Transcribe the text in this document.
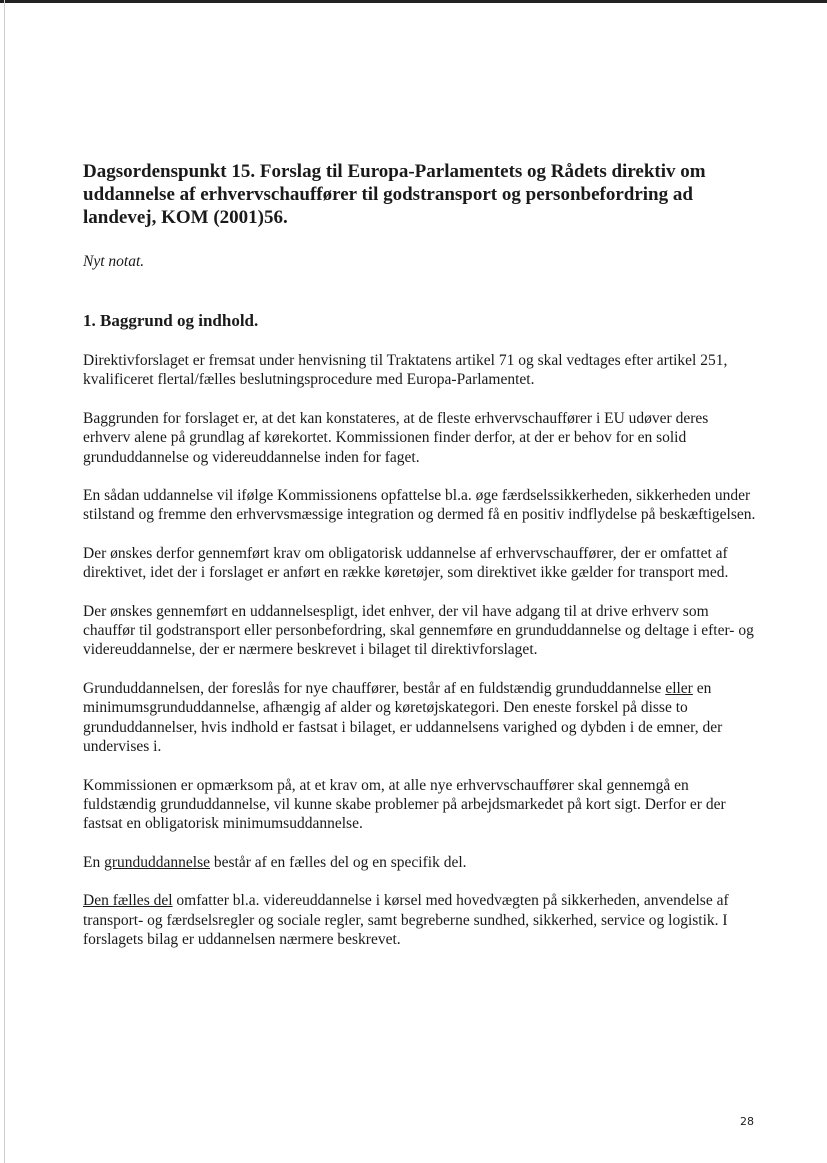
Dagsordenspunkt 15. Forslag til Europa-Parlamentets og Rådets direktiv om uddannelse af erhvervschauffører til godstransport og personbefordring ad landevej, KOM (2001)56.
Nyt notat.
1. Baggrund og indhold.

Direktivforslaget er fremsat under henvisning til Traktatens artikel 71 og skal vedtages efter artikel 251, kvalificeret flertal/fælles beslutningsprocedure med Europa-Parlamentet.

Baggrunden for forslaget er, at det kan konstateres, at de fleste erhvervschauffører i EU udøver deres erhverv alene på grundlag af kørekortet. Kommissionen finder derfor, at der er behov for en solid grunduddannelse og videreuddannelse inden for faget.

En sådan uddannelse vil ifølge Kommissionens opfattelse bl.a. øge færdselssikkerheden, sikkerheden under stilstand og fremme den erhvervsmæssige integration og dermed få en positiv indflydelse på beskæftigelsen.

Der ønskes derfor gennemført krav om obligatorisk uddannelse af erhvervschauffører, der er omfattet af direktivet, idet der i forslaget er anført en række køretøjer, som direktivet ikke gælder for transport med.

Der ønskes gennemført en uddannelsespligt, idet enhver, der vil have adgang til at drive erhverv som chauffør til godstransport eller personbefordring, skal gennemføre en grunduddannelse og deltage i efter- og videreuddannelse, der er nærmere beskrevet i bilaget til direktivforslaget.

Grunduddannelsen, der foreslås for nye chauffører, består af en fuldstændig grunduddannelse eller en minimumsgrunduddannelse, afhængig af alder og køretøjskategori. Den eneste forskel på disse to grunduddannelser, hvis indhold er fastsat i bilaget, er uddannelsens varighed og dybden i de emner, der undervises i.

Kommissionen er opmærksom på, at et krav om, at alle nye erhvervschauffører skal gennemgå en fuldstændig grunduddannelse, vil kunne skabe problemer på arbejdsmarkedet på kort sigt. Derfor er der fastsat en obligatorisk minimumsuddannelse.

En grunduddannelse består af en fælles del og en specifik del.

Den fælles del omfatter bl.a. videreuddannelse i kørsel med hovedvægten på sikkerheden, anvendelse af transport- og færdselsregler og sociale regler, samt begreberne sundhed, sikkerhed, service og logistik. I forslagets bilag er uddannelsen nærmere beskrevet.

28
